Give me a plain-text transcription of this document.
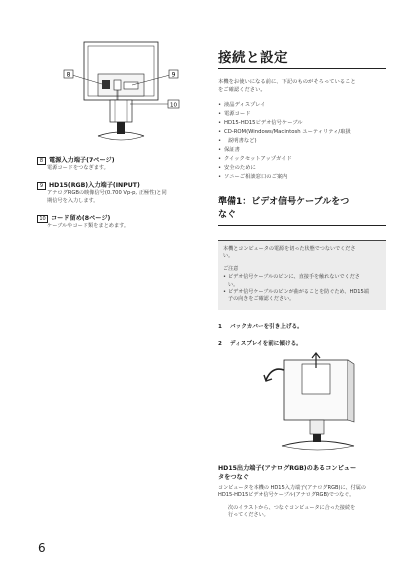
8	9
10
8 電源入力端子(7ページ)
電源コードをつなぎます。
9 HD15(RGB)入力端子(INPUT)
アナログRGBの映像信号(0.700 Vp-p, 正極性)と同
期信号を入力します。
10 コード留め(8ページ)
ケーブルやコード類をまとめます。
6
接続と設定
本機をお使いになる前に、下記のものがそろっていること
をご確認ください。
• 液晶ディスプレイ
• 電源コード
• HD15-HD15ビデオ信号ケーブル
• CD-ROM(Windows/Macintosh ユーティリティ/取扱
• 説明書など)
• 保証書
• クイックセットアップガイド
• 安全のために
• ソニーご相談窓口のご案内
準備1：ビデオ信号ケーブルをつ
なぐ
本機とコンピュータの電源を切った状態でつないでくださ
い。
ご注意
• ビデオ信号ケーブルのピンに、直接手を触れないでくださ
い。
• ビデオ信号ケーブルのピンが曲がることを防ぐため、HD15端
子の向きをご確認ください。
1	バックカバーを引き上げる。
2	ディスプレイを前に傾ける。
HD15出力端子(アナログRGB)のあるコンピュー
タをつなぐ
コンピュータを本機の HD15入力端子(アナログRGB)に、付属の
HD15-HD15ビデオ信号ケーブル(アナログRGB)でつなぐ。
次のイラストから、つなぐコンピュータに合った接続を
行ってください。
